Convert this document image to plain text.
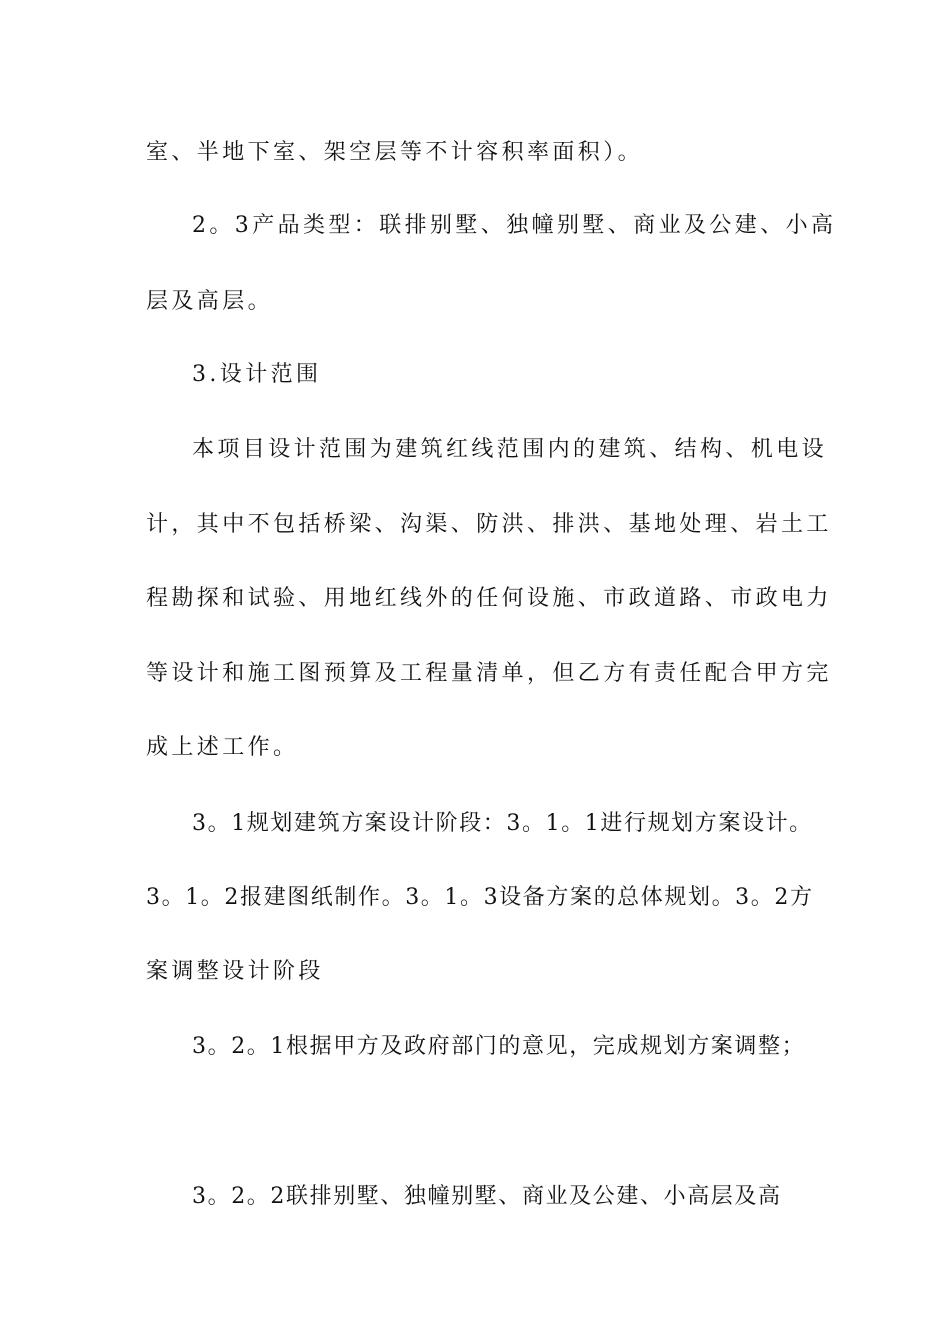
室、半地下室、架空层等不计容积率面积）。
2。3产品类型：联排别墅、独幢别墅、商业及公建、小高
层及高层。
3.设计范围
本项目设计范围为建筑红线范围内的建筑、结构、机电设
计，其中不包括桥梁、沟渠、防洪、排洪、基地处理、岩土工
程勘探和试验、用地红线外的任何设施、市政道路、市政电力
等设计和施工图预算及工程量清单，但乙方有责任配合甲方完
成上述工作。
3。1规划建筑方案设计阶段：3。1。1进行规划方案设计。
3。1。2报建图纸制作。3。1。3设备方案的总体规划。3。2方
案调整设计阶段
3。2。1根据甲方及政府部门的意见，完成规划方案调整；
3。2。2联排别墅、独幢别墅、商业及公建、小高层及高
